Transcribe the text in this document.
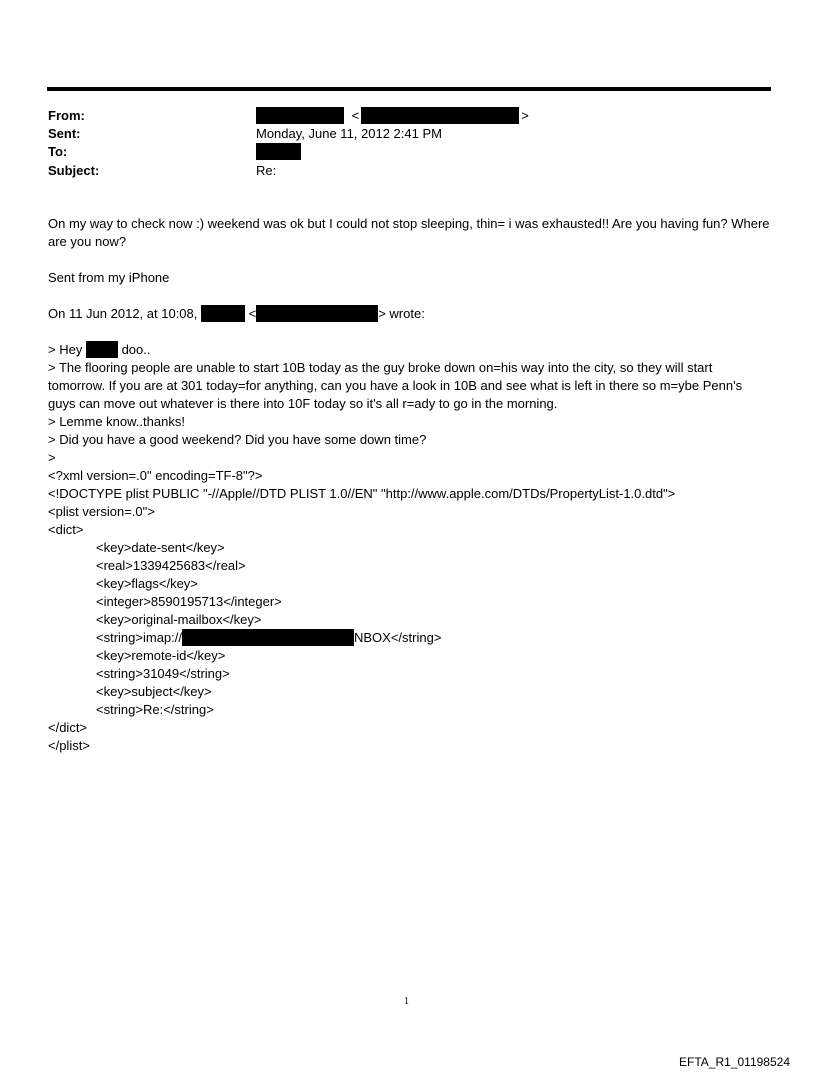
From:	<	>
Sent:	Monday, June 11, 2012 2:41 PM
To:
Subject:	Re:
On my way to check now :) weekend was ok but I could not stop sleeping, thin= i was exhausted!! Are you having fun? Where are you now?
Sent from my iPhone
On 11 Jun 2012, at 10:08,	<	> wrote:
> Hey	doo..
> The flooring people are unable to start 10B today as the guy broke down on=his way into the city, so they will start tomorrow. If you are at 301 today=for anything, can you have a look in 10B and see what is left in there so m=ybe Penn's guys can move out whatever is there into 10F today so it's all r=ady to go in the morning.
> Lemme know..thanks!
> Did you have a good weekend? Did you have some down time?
>
<?xml version=.0" encoding=TF-8"?>
<!DOCTYPE plist PUBLIC "-//Apple//DTD PLIST 1.0//EN" "http://www.apple.com/DTDs/PropertyList-1.0.dtd">
<plist version=.0">
<dict>
<key>date-sent</key>
<real>1339425683</real>
<key>flags</key>
<integer>8590195713</integer>
<key>original-mailbox</key>
<string>imap://	NBOX</string>
<key>remote-id</key>
<string>31049</string>
<key>subject</key>
<string>Re:</string>
</dict>
</plist>
1
EFTA_R1_01198524
